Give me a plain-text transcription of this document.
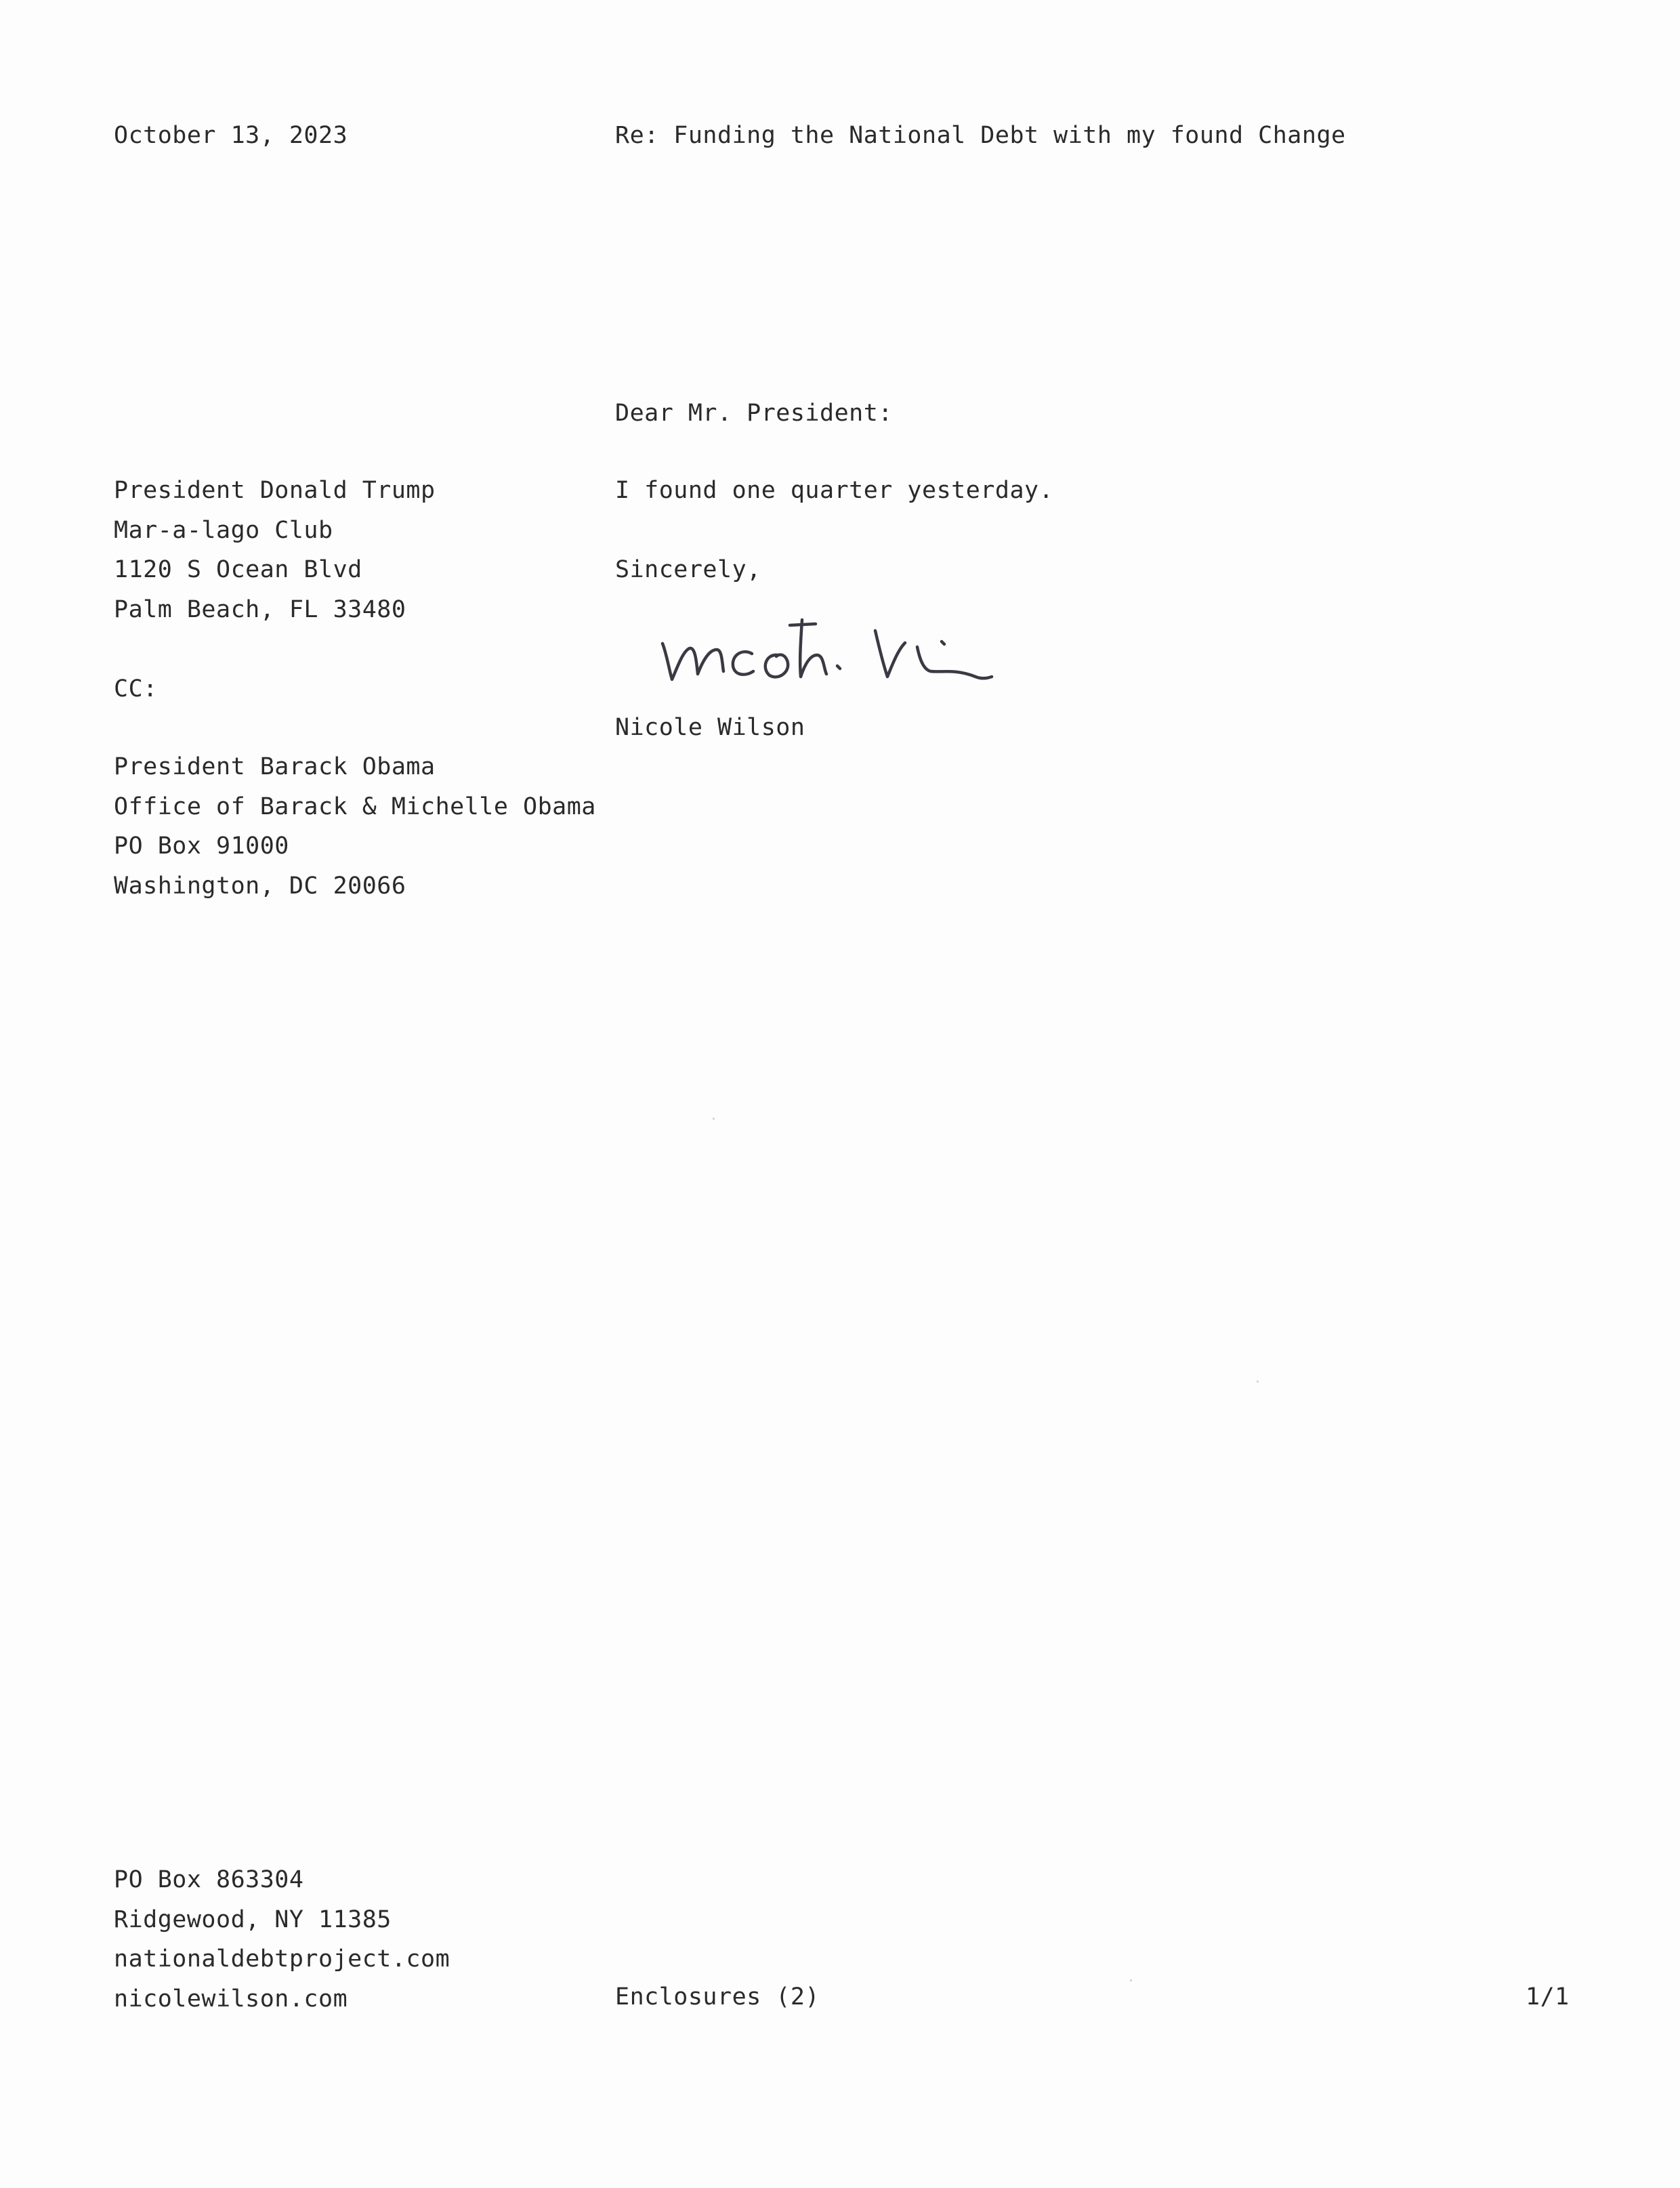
October 13, 2023	Re: Funding the National Debt with my found Change

Dear Mr. President:

President Donald Trump
Mar-a-lago Club
1120 S Ocean Blvd
Palm Beach, FL 33480

I found one quarter yesterday.

Sincerely,

CC:

Nicole Wilson

President Barack Obama
Office of Barack & Michelle Obama
PO Box 91000
Washington, DC 20066
PO Box 863304
Ridgewood, NY 11385
nationaldebtproject.com
nicolewilson.com	Enclosures (2)	1/1
